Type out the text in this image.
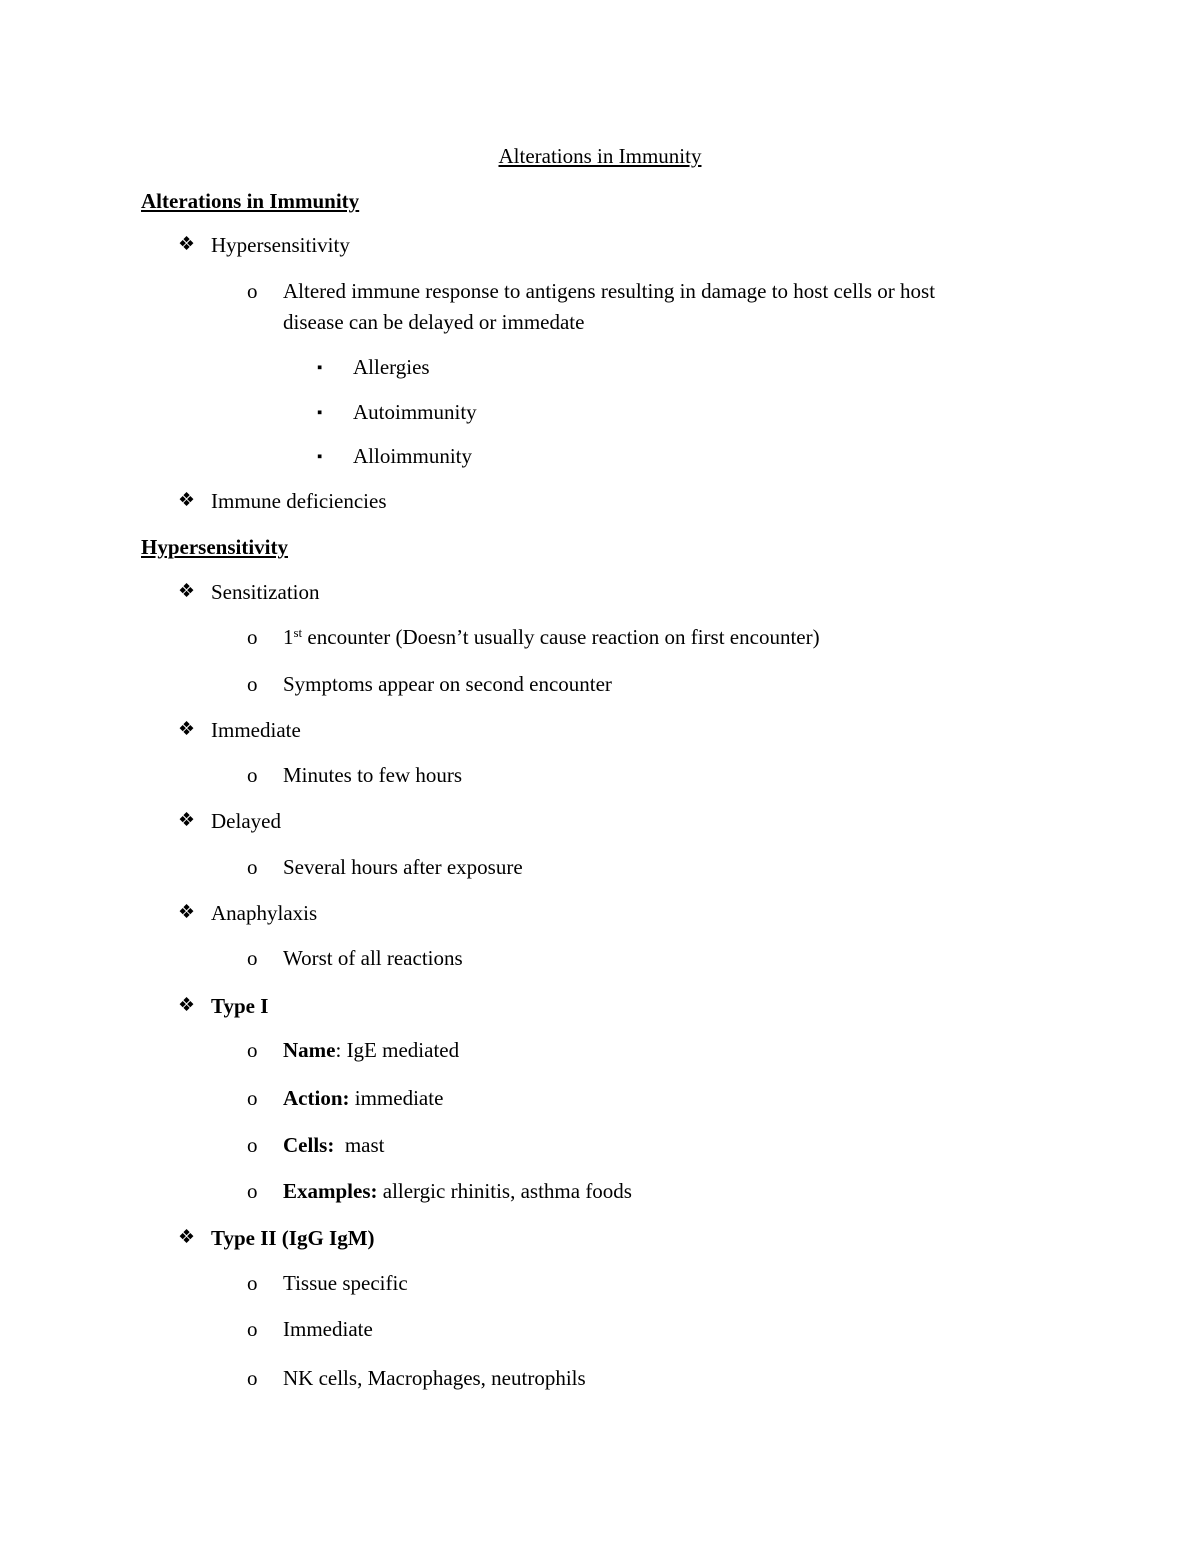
Alterations in Immunity
Alterations in Immunity
❖ Hypersensitivity
o Altered immune response to antigens resulting in damage to host cells or host
disease can be delayed or immedate
▪ Allergies
▪ Autoimmunity
▪ Alloimmunity
❖ Immune deficiencies
Hypersensitivity
❖ Sensitization
o 1st encounter (Doesn’t usually cause reaction on first encounter)
o Symptoms appear on second encounter
❖ Immediate
o Minutes to few hours
❖ Delayed
o Several hours after exposure
❖ Anaphylaxis
o Worst of all reactions
❖ Type I
o Name: IgE mediated
o Action: immediate
o Cells:  mast
o Examples: allergic rhinitis, asthma foods
❖ Type II (IgG IgM)
o Tissue specific
o Immediate
o NK cells, Macrophages, neutrophils
